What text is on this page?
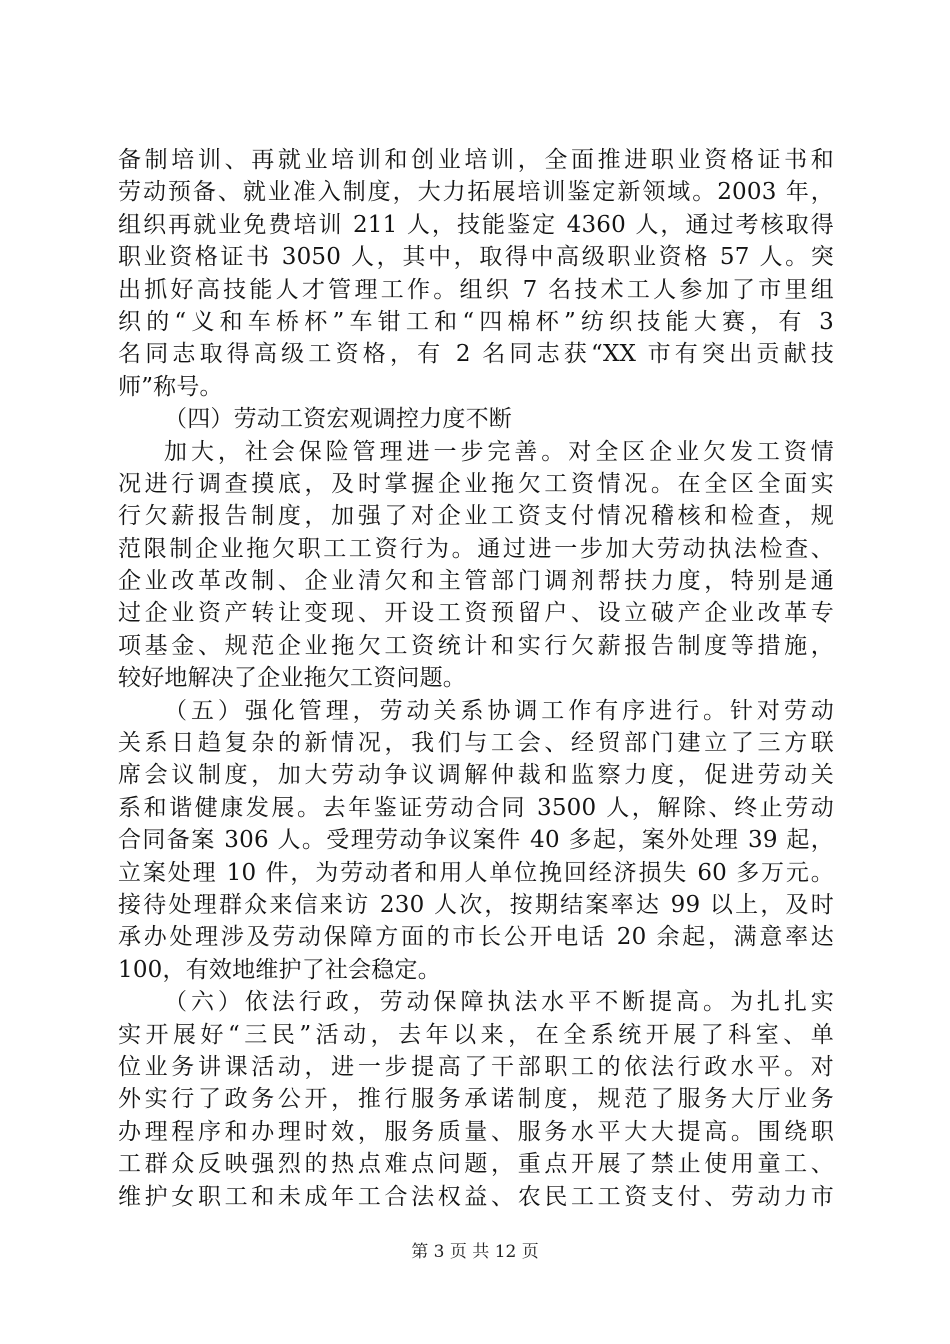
备制培训、再就业培训和创业培训，全面推进职业资格证书和
劳动预备、就业准入制度，大力拓展培训鉴定新领域。2003 年，
组织再就业免费培训 211 人，技能鉴定 4360 人，通过考核取得
职业资格证书 3050 人，其中，取得中高级职业资格 57 人。突
出抓好高技能人才管理工作。组织 7 名技术工人参加了市里组
织的“义和车桥杯”车钳工和“四棉杯”纺织技能大赛，有 3
名同志取得高级工资格，有 2 名同志获“XX 市有突出贡献技
师”称号。
（四）劳动工资宏观调控力度不断
加大，社会保险管理进一步完善。对全区企业欠发工资情
况进行调查摸底，及时掌握企业拖欠工资情况。在全区全面实
行欠薪报告制度，加强了对企业工资支付情况稽核和检查，规
范限制企业拖欠职工工资行为。通过进一步加大劳动执法检查、
企业改革改制、企业清欠和主管部门调剂帮扶力度，特别是通
过企业资产转让变现、开设工资预留户、设立破产企业改革专
项基金、规范企业拖欠工资统计和实行欠薪报告制度等措施，
较好地解决了企业拖欠工资问题。
（五）强化管理，劳动关系协调工作有序进行。针对劳动
关系日趋复杂的新情况，我们与工会、经贸部门建立了三方联
席会议制度，加大劳动争议调解仲裁和监察力度，促进劳动关
系和谐健康发展。去年鉴证劳动合同 3500 人，解除、终止劳动
合同备案 306 人。受理劳动争议案件 40 多起，案外处理 39 起，
立案处理 10 件，为劳动者和用人单位挽回经济损失 60 多万元。
接待处理群众来信来访 230 人次，按期结案率达 99 以上，及时
承办处理涉及劳动保障方面的市长公开电话 20 余起，满意率达
100，有效地维护了社会稳定。
（六）依法行政，劳动保障执法水平不断提高。为扎扎实
实开展好“三民”活动，去年以来，在全系统开展了科室、单
位业务讲课活动，进一步提高了干部职工的依法行政水平。对
外实行了政务公开，推行服务承诺制度，规范了服务大厅业务
办理程序和办理时效，服务质量、服务水平大大提高。围绕职
工群众反映强烈的热点难点问题，重点开展了禁止使用童工、
维护女职工和未成年工合法权益、农民工工资支付、劳动力市
第 3 页 共 12 页
